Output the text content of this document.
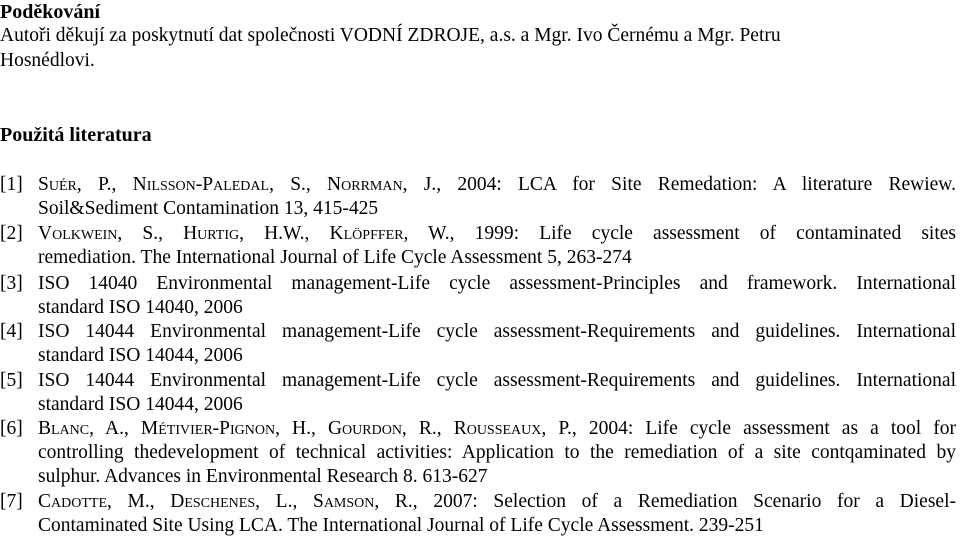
Poděkování
Autoři děkují za poskytnutí dat společnosti VODNÍ ZDROJE, a.s. a Mgr. Ivo Černému a Mgr. Petru
Hosnédlovi.
Použitá literatura
[1] Suér, P., Nilsson-Paledal, S., Norrman, J., 2004: LCA for Site Remedation: A literature Rewiew.
Soil&Sediment Contamination 13, 415-425
[2] Volkwein, S., Hurtig, H.W., Klöpffer, W., 1999: Life cycle assessment of contaminated sites
remediation. The International Journal of Life Cycle Assessment 5, 263-274
[3] ISO 14040 Environmental management-Life cycle assessment-Principles and framework. International
standard ISO 14040, 2006
[4] ISO 14044 Environmental management-Life cycle assessment-Requirements and guidelines. International
standard ISO 14044, 2006
[5] ISO 14044 Environmental management-Life cycle assessment-Requirements and guidelines. International
standard ISO 14044, 2006
[6] Blanc, A., Métivier-Pignon, H., Gourdon, R., Rousseaux, P., 2004: Life cycle assessment as a tool for
controlling thedevelopment of technical activities: Application to the remediation of a site contqaminated by
sulphur. Advances in Environmental Research 8. 613-627
[7] Cadotte, M., Deschenes, L., Samson, R., 2007: Selection of a Remediation Scenario for a Diesel-
Contaminated Site Using LCA. The International Journal of Life Cycle Assessment. 239-251
